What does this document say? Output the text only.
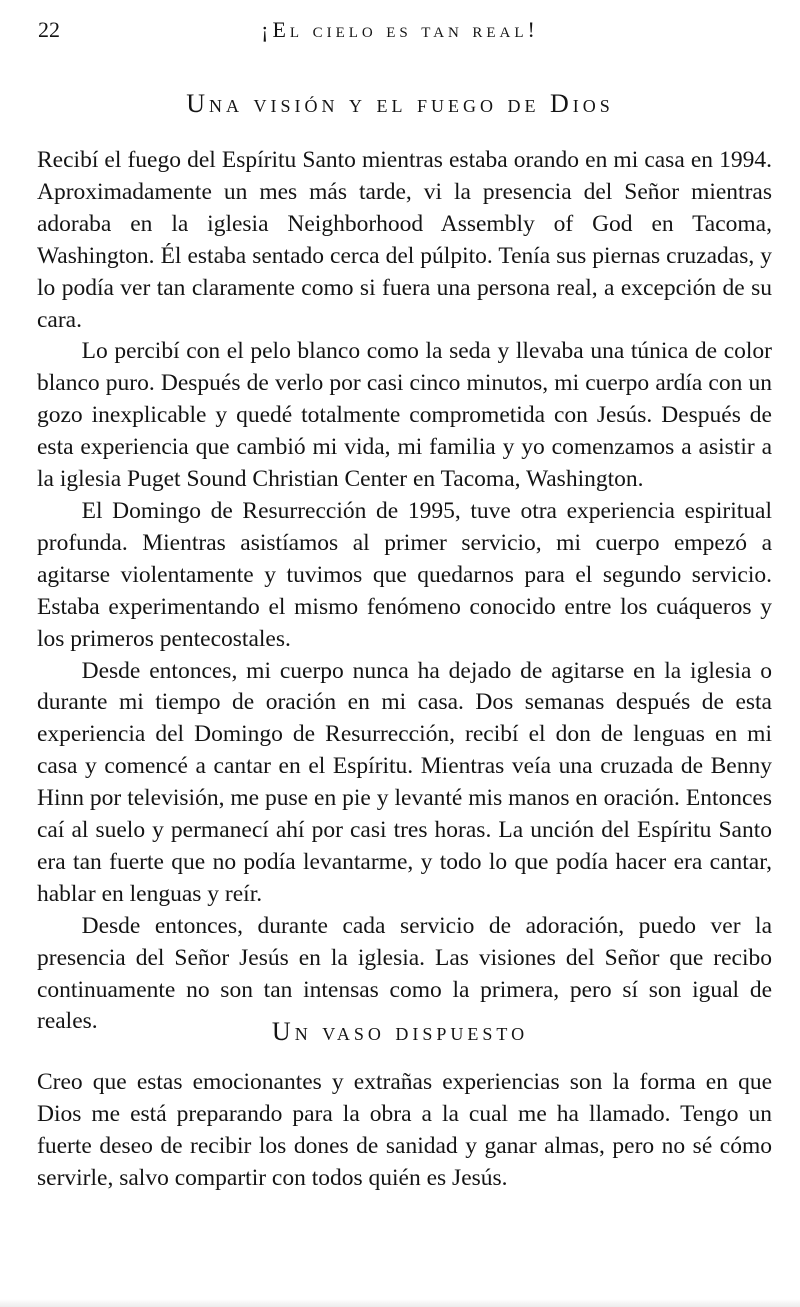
22	¡El cielo es tan real!
Una visión y el fuego de Dios

Recibí el fuego del Espíritu Santo mientras estaba orando en mi casa en 1994. Aproximadamente un mes más tarde, vi la presencia del Señor mientras adoraba en la iglesia Neighborhood Assembly of God en Tacoma, Washington. Él estaba sentado cerca del púlpito. Tenía sus piernas cruzadas, y lo podía ver tan claramente como si fuera una persona real, a excepción de su cara.

Lo percibí con el pelo blanco como la seda y llevaba una túnica de color blanco puro. Después de verlo por casi cinco minutos, mi cuerpo ardía con un gozo inexplicable y quedé totalmente comprometida con Jesús. Después de esta experiencia que cambió mi vida, mi familia y yo comenzamos a asistir a la iglesia Puget Sound Christian Center en Tacoma, Washington.

El Domingo de Resurrección de 1995, tuve otra experiencia espiritual profunda. Mientras asistíamos al primer servicio, mi cuerpo empezó a agitarse violentamente y tuvimos que quedarnos para el segundo servicio. Estaba experimentando el mismo fenómeno conocido entre los cuáqueros y los primeros pentecostales.

Desde entonces, mi cuerpo nunca ha dejado de agitarse en la iglesia o durante mi tiempo de oración en mi casa. Dos semanas después de esta experiencia del Domingo de Resurrección, recibí el don de lenguas en mi casa y comencé a cantar en el Espíritu. Mientras veía una cruzada de Benny Hinn por televisión, me puse en pie y levanté mis manos en oración. Entonces caí al suelo y permanecí ahí por casi tres horas. La unción del Espíritu Santo era tan fuerte que no podía levantarme, y todo lo que podía hacer era cantar, hablar en lenguas y reír.

Desde entonces, durante cada servicio de adoración, puedo ver la presencia del Señor Jesús en la iglesia. Las visiones del Señor que recibo continuamente no son tan intensas como la primera, pero sí son igual de reales.	Un vaso dispuesto

Creo que estas emocionantes y extrañas experiencias son la forma en que Dios me está preparando para la obra a la cual me ha llamado. Tengo un fuerte deseo de recibir los dones de sanidad y ganar almas, pero no sé cómo servirle, salvo compartir con todos quién es Jesús.
